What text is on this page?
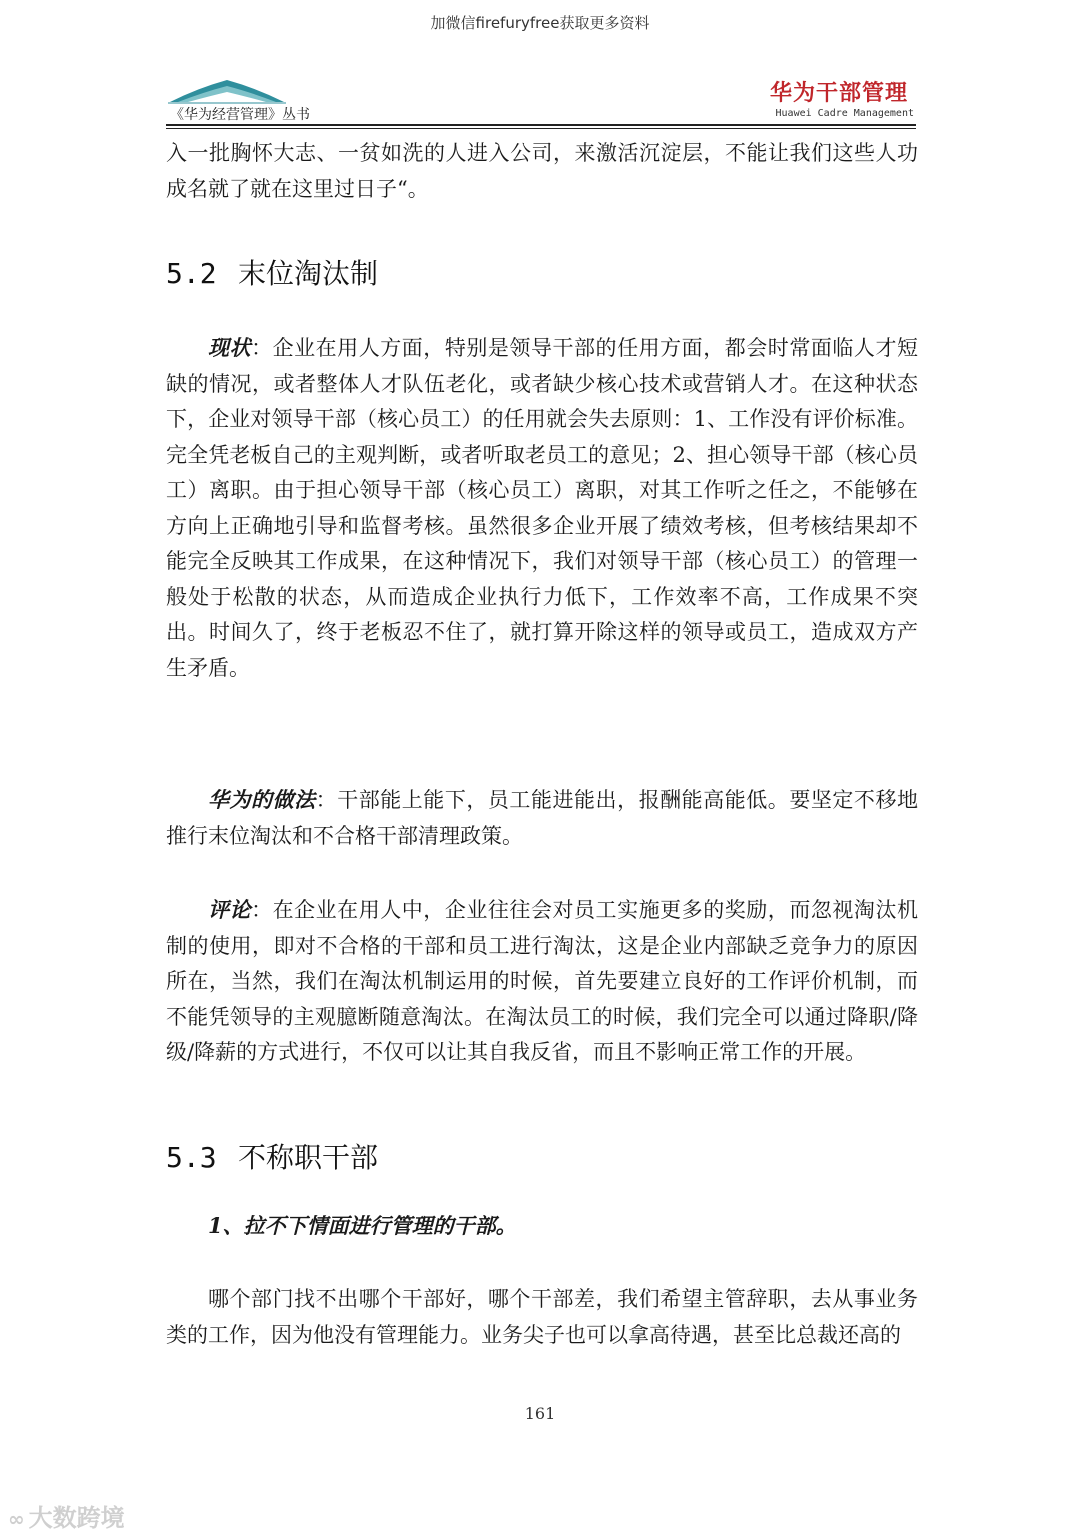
加微信firefuryfree获取更多资料
《华为经营管理》丛书
华为干部管理
Huawei Cadre Management
入一批胸怀大志、一贫如洗的人进入公司，来激活沉淀层，不能让我们这些人功成名就了就在这里过日子“。
5.2 末位淘汰制
现状：企业在用人方面，特别是领导干部的任用方面，都会时常面临人才短缺的情况，或者整体人才队伍老化，或者缺少核心技术或营销人才。在这种状态下，企业对领导干部（核心员工）的任用就会失去原则：1、工作没有评价标准。完全凭老板自己的主观判断，或者听取老员工的意见；2、担心领导干部（核心员工）离职。由于担心领导干部（核心员工）离职，对其工作听之任之，不能够在方向上正确地引导和监督考核。虽然很多企业开展了绩效考核，但考核结果却不能完全反映其工作成果，在这种情况下，我们对领导干部（核心员工）的管理一般处于松散的状态，从而造成企业执行力低下，工作效率不高，工作成果不突出。时间久了，终于老板忍不住了，就打算开除这样的领导或员工，造成双方产生矛盾。
华为的做法：干部能上能下，员工能进能出，报酬能高能低。要坚定不移地推行末位淘汰和不合格干部清理政策。
评论：在企业在用人中，企业往往会对员工实施更多的奖励，而忽视淘汰机制的使用，即对不合格的干部和员工进行淘汰，这是企业内部缺乏竞争力的原因所在，当然，我们在淘汰机制运用的时候，首先要建立良好的工作评价机制，而不能凭领导的主观臆断随意淘汰。在淘汰员工的时候，我们完全可以通过降职/降级/降薪的方式进行，不仅可以让其自我反省，而且不影响正常工作的开展。
5.3 不称职干部
1、拉不下情面进行管理的干部。
哪个部门找不出哪个干部好，哪个干部差，我们希望主管辞职，去从事业务类的工作，因为他没有管理能力。业务尖子也可以拿高待遇，甚至比总裁还高的
161
∞ 大数跨境
